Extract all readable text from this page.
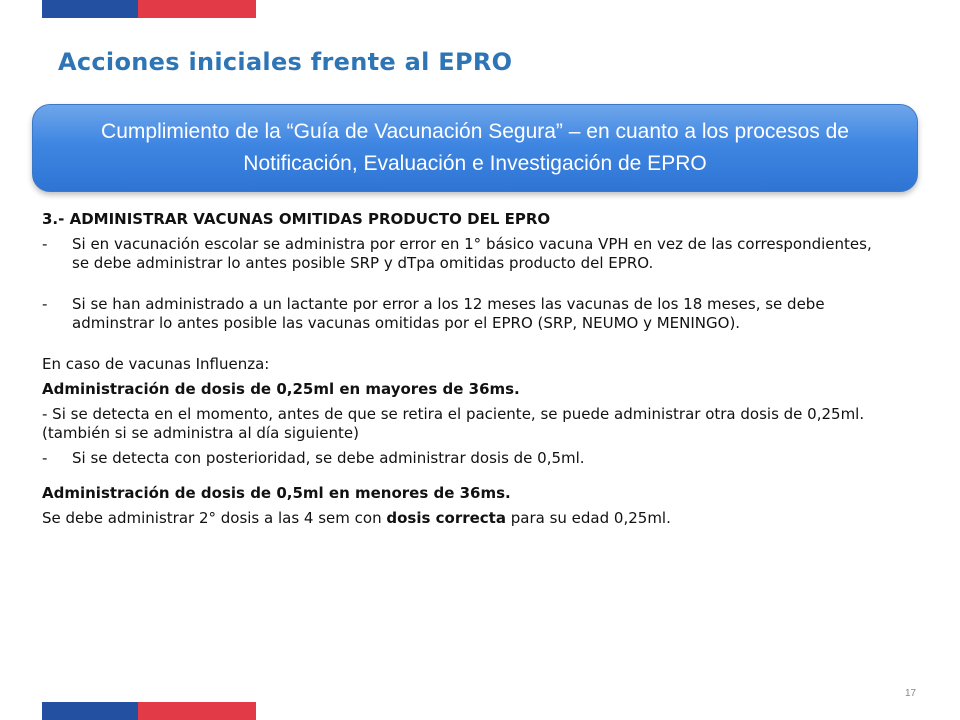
Acciones iniciales frente al EPRO
Cumplimiento de la “Guía de Vacunación Segura” – en cuanto a los procesos de Notificación, Evaluación e Investigación de EPRO

3.- ADMINISTRAR VACUNAS OMITIDAS PRODUCTO DEL EPRO

-	Si en vacunación escolar se administra por error en 1° básico vacuna VPH en vez de las correspondientes, se debe administrar lo antes posible SRP y dTpa omitidas producto del EPRO.
-	Si se han administrado a un lactante por error a los 12 meses las vacunas de los 18 meses, se debe adminstrar lo antes posible las vacunas omitidas por el EPRO (SRP, NEUMO y MENINGO).

En caso de vacunas Influenza:

Administración de dosis de 0,25ml en mayores de 36ms.

- Si se detecta en el momento, antes de que se retira el paciente, se puede administrar otra dosis de 0,25ml. (también si se administra al día siguiente)

-	Si se detecta con posterioridad, se debe administrar dosis de 0,5ml.

Administración de dosis de 0,5ml en menores de 36ms.

Se debe administrar 2° dosis a las 4 sem con dosis correcta para su edad 0,25ml.

17
